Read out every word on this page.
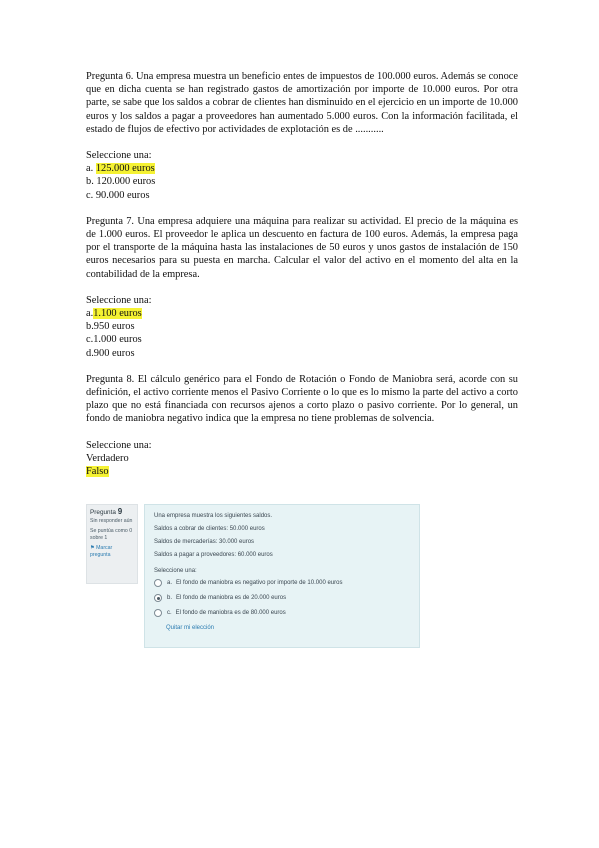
Pregunta 6. Una empresa muestra un beneficio entes de impuestos de 100.000 euros. Además se conoce que en dicha cuenta se han registrado gastos de amortización por importe de 10.000 euros. Por otra parte, se sabe que los saldos a cobrar de clientes han disminuido en el ejercicio en un importe de 10.000 euros y los saldos a pagar a proveedores han aumentado 5.000 euros. Con la información facilitada, el estado de flujos de efectivo por actividades de explotación es de ...........

Seleccione una:

a. 125.000 euros

b. 120.000 euros

c. 90.000 euros

Pregunta 7. Una empresa adquiere una máquina para realizar su actividad. El precio de la máquina es de 1.000 euros. El proveedor le aplica un descuento en factura de 100 euros. Además, la empresa paga por el transporte de la máquina hasta las instalaciones de 50 euros y unos gastos de instalación de 150 euros necesarios para su puesta en marcha. Calcular el valor del activo en el momento del alta en la contabilidad de la empresa.

Seleccione una:

a.1.100 euros

b.950 euros

c.1.000 euros

d.900 euros

Pregunta 8. El cálculo genérico para el Fondo de Rotación o Fondo de Maniobra será, acorde con su definición, el activo corriente menos el Pasivo Corriente o lo que es lo mismo la parte del activo a corto plazo que no está financiada con recursos ajenos a corto plazo o pasivo corriente. Por lo general, un fondo de maniobra negativo indica que la empresa no tiene problemas de solvencia.

Seleccione una:

Verdadero

Falso

Pregunta 9
Sin responder aún
Se puntúa como 0 sobre 1
⚑ Marcar pregunta
Una empresa muestra los siguientes saldos.
Saldos a cobrar de clientes: 50.000 euros
Saldos de mercaderías: 30.000 euros
Saldos a pagar a proveedores: 60.000 euros
Seleccione una:
a. El fondo de maniobra es negativo por importe de 10.000 euros
b. El fondo de maniobra es de 20.000 euros
c. El fondo de maniobra es de 80.000 euros
Quitar mi elección
